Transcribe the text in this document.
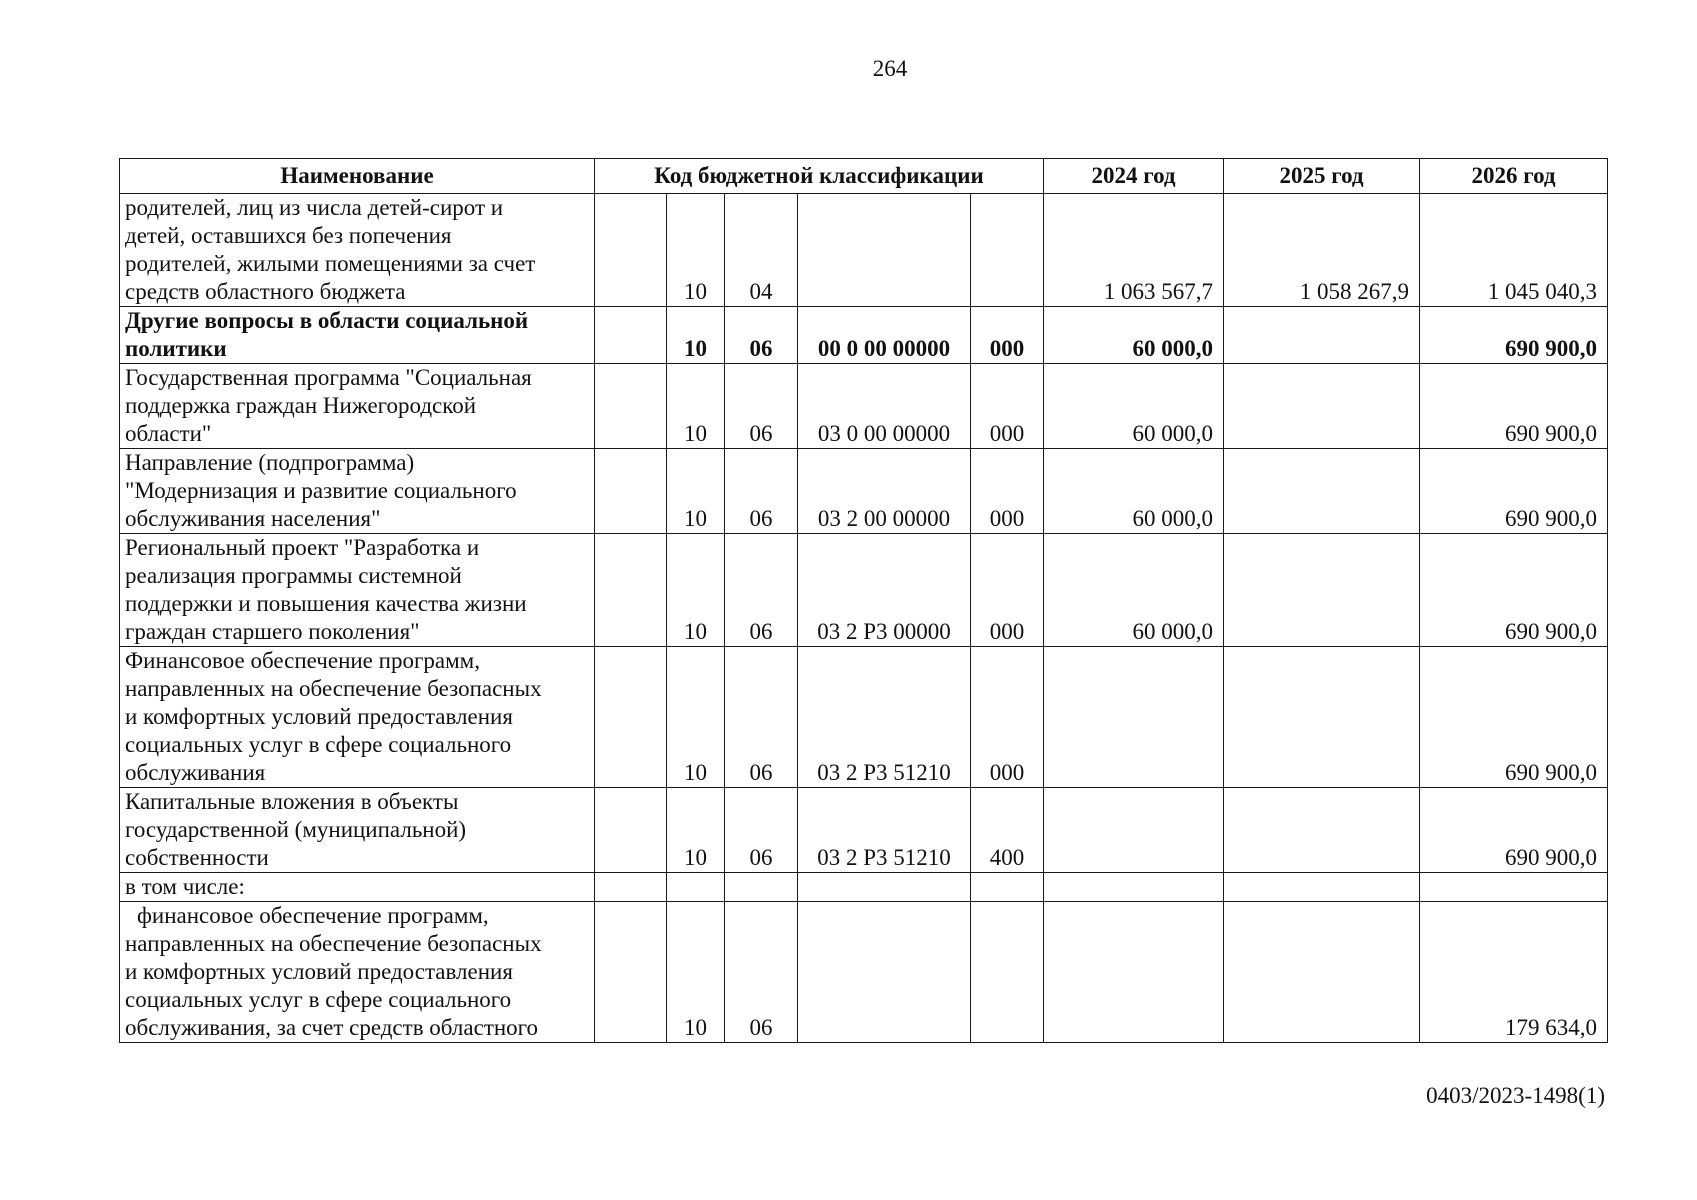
264
Наименование	Код бюджетной классификации					2024 год	2025 год	2026 год

родителей, лиц из числа детей-сирот и
детей, оставшихся без попечения
родителей, жилыми помещениями за счет
средств областного бюджета		10	04			1 063 567,7	1 058 267,9	1 045 040,3

Другие вопросы в области социальной
политики		10	06	00 0 00 00000	000	60 000,0		690 900,0

Государственная программа "Социальная
поддержка граждан Нижегородской
области"		10	06	03 0 00 00000	000	60 000,0		690 900,0

Направление (подпрограмма)
"Модернизация и развитие социального
обслуживания населения"		10	06	03 2 00 00000	000	60 000,0		690 900,0

Региональный проект "Разработка и
реализация программы системной
поддержки и повышения качества жизни
граждан старшего поколения"		10	06	03 2 P3 00000	000	60 000,0		690 900,0

Финансовое обеспечение программ,
направленных на обеспечение безопасных
и комфортных условий предоставления
социальных услуг в сфере социального
обслуживания		10	06	03 2 P3 51210	000			690 900,0

Капитальные вложения в объекты
государственной (муниципальной)
собственности		10	06	03 2 P3 51210	400			690 900,0

в том числе:								

финансовое обеспечение программ,
направленных на обеспечение безопасных
и комфортных условий предоставления
социальных услуг в сфере социального
обслуживания, за счет средств областного		10	06					179 634,0
0403/2023-1498(1)
